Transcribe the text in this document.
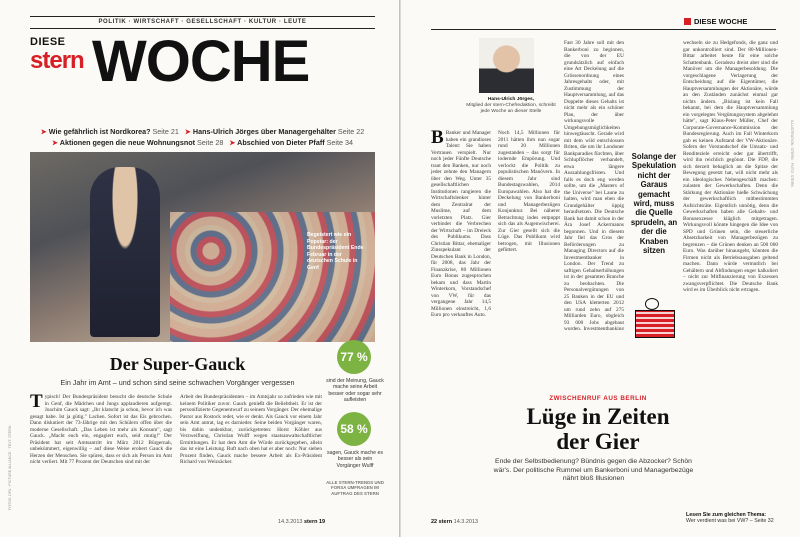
FOTOS: DPA · PICTURE ALLIANCE · TEXT: STERN
POLITIK · WIRTSCHAFT · GESELLSCHAFT · KULTUR · LEUTE
DIESE
stern WOCHE
➤ Wie gefährlich ist Nordkorea? Seite 21 ➤ Hans-Ulrich Jörges über Managergehälter Seite 22
➤ Aktionen gegen die neue Wohnungsnot Seite 28 ➤ Abschied von Dieter Pfaff Seite 34
Begeistert wie ein Popstar: der Bundespräsident Ende Februar in der deutschen Schule in Genf
77 %
sind der Meinung, Gauck mache seine Arbeit besser oder sogar sehr aufleisten
58 %
sagen, Gauck mache es besser als sein Vorgänger Wulff
ALLE STERN-TRENDS UND FORSA UMFRAGEN IM AUFTRAG DES STERN
Der Super-Gauck
Ein Jahr im Amt – und schon sind seine schwachen Vorgänger vergessen
Typisch! Der Bundespräsident besucht die deutsche Schule in Genf, die Mädchen und Jungs applaudieren aufgeregt. Joachim Gauck sagt: „Ihr klatscht ja schon, bevor ich was gesagt habe. Ist ja gütig." Lachen. Sofort ist das Eis gebrochen. Dann diskutiert der 73-Jährige mit den Schülern offen über die moderne Gesellschaft. „Das Leben ist mehr als Konsum", sagt Gauck. „Macht euch ein, engagiert euch, seid mutig!" Der Präsident hat seit Amtsantritt im März 2012 Bürgernah, unbekümmert, eigenwillig – auf diese Weise erobert Gauck die Herzen der Menschen. Sie spüren, dass er sich als Person im Amt nicht verliert. Mit 77 Prozent der Deutschen sind mit der
Arbeit des Bundespräsidenten – im Amtsjahr so zufrieden wie mit keinem Politiker zuvor. Gauck genießt die Beliebtheit. Er ist der personifizierte Gegenentwurf zu seinem Vorgänger. Der ehemalige Pastor aus Rostock redet, wie er denkt. Als Gauck vor einem Jahr sein Amt antrat, lag es darnieder. Seine beiden Vorgänger waren, bis dahin undenkbar, zurückgetreten: Horst Köhler aus Verzweiflung, Christian Wulff wegen staatsanwaltschaftlicher Ermittlungen. Er hat dem Amt die Würde zurückgegeben, allein das ist eine Leistung. Ruft nach oben hat er aber noch: Nur sieben Prozent finden, Gauck mache bessere Arbeit als Ex-Präsident Richard von Weizsäcker.
14.3.2013 stern 19
ILLUSTRATION: STERN · FOTO: STERN
DIESE WOCHE
Hans-Ulrich Jörges,
Mitglied der stern-Chefredaktion, schreibt jede Woche an dieser Stelle
B Banker und Manager haben ein grandioses Talent: Sie haben Vertrauen verspielt. Nur noch jeder Fünfte Deutsche traut den Banken, nur noch jeder zehnte den Managern über den Weg. Unter 35 gesellschaftlichen Institutionen rangieren die Wirtschaftslenker hinter dem Zentralrat der Muslime, auf dem vorletzten Platz. Gier verbindet die Verbrechen der Wirtschaft – im Dreieck des Publikums. Dass Christian Bittar, ehemaliger Zinsspekulant der Deutschen Bank in London, für 2008, das Jahr der Finanzkrise, 80 Millionen Euro Bonus zugesprochen bekam und dass Martin Winterkorn, Vorstandschef von VW, für das vergangene Jahr 14,5 Millionen einstreicht, 1,6 Euro pro verkauftes Auto.
Noch 14,5 Millionen für 2011 hätten ihm nun sogar rund 20 Millionen zugestanden – das sorgt für lodernde Empörung. Und verlockt die Politik zu populistischen Manövern. In diesem Jahr sind Bundestagswahlen, 2014 Europawahlen. Also hat die Deckelung von Bankerboni und Managerbezügen Konjunktur. Bei näherer Betrachtung indes entpuppt sich das als Augenwischerei. Zur Gier gesellt sich die Lüge. Das Publikum wird betrogen, mit Illusionen gefüttert.
Fast 30 Jahre soll mit den Bankerboni zu beginnen, die von der EU grundsätzlich auf einfach eine Art Deckelung auf die Grössenordnung eines Jahresgehalts oder, mit Zustimmung der Hauptversammlung, auf das Doppelte dieses Gehalts ist nicht mehr als ein schöner Plan, der über wirkungsvolle Umgehungsmöglichkeiten hinwegtäuscht. Gerade wird mit dem wild entschlossen Briten, die um ihr Londoner Bankparadies fürchten, über Schlupflöcher verhandelt, etwa längere Auszahlungsfristen. Und falls es doch eng werden sollte, um die „Masters of the Universe" bei Laune zu halten, wird man eben die Grundgehälter üppig heraufsetzen. Die Deutsche Bank hat damit schon in der Ära Josef Ackermanns begonnen. Und in diesem Jahr fiel das Gros der Beförderungen zu Managing Directors auf die Investmentbanker in London. Der Trend zu saftigen Gehaltserhöhungen ist in der gesamten Branche zu beobachten. Die Personalvergütungen von 25 Banken in der EU und den USA kletterten 2012 um rund zehn auf 275 Milliarden Euro, obgleich 93 000 Jobs abgebaut wurden. Investmentbanking
Solange der Spekulation nicht der Garaus gemacht wird, muss die Quelle sprudeln, an der die Knaben sitzen
wechseln sie zu Hedgefonds, die ganz und gar unkontrolliert sind. Der 80-Millionen-Bittar arbeitet heute für eine solche Schattenbank. Geradezu dreist aber sind die Manöver um die Managerbesoldung. Die vorgeschlagene Verlagerung der Entscheidung auf die Eigentümer, die Hauptversammlungen der Aktionäre, würde an den Zuständen zunächst einmal gar nichts ändern. „Bislang ist kein Fall bekannt, bei dem die Hauptversammlung ein vorgelegtes Vergütungssystem abgelehnt hätte", sagt Klaus-Peter Müller, Chef der Corporate-Governance-Kommission der Bundesregierung. Auch im Fall Winterkorn gab es keinen Aufstand der VW-Aktionäre. Sofern der Vorstandschef die Umsatz- und Renditeziele erreicht oder gar übertrifft, wird ihn reichlich gegönnt. Die FDP, die sich derzeit behaglich an die Spitze der Bewegung gesetzt hat, will nicht mehr als ein ideologisches Nebengeschäft machen: zulasten der Gewerkschaften. Denn die Stärkung der Aktionäre hieße Schwächung der gewerkschaftlich mitbestimmten Aufsichtsräte. Eigentlich unnötig, denn die Gewerkschaften haben alle Gehalts- und Bonusexzesse kläglich mitgetragen. Wirkungsvoll könnte hingegen die Idee von SPD und Grünen sein, die steuerliche Absetzbarkeit von Managerbezügen zu begrenzen – die Grünen denken an 500 000 Euro. Was darüber hinausgeht, könnten die Firmen nicht als Betriebsausgaben geltend machen. Dann würde vermutlich bei Gehältern und Abfindungen enger kalkuliert – nicht zur Mitfinanzierung von Exzessen zwangsverpflichtet. Die Deutsche Bank wird es im Überblick nicht ertragen.
ZWISCHENRUF AUS BERLIN
Lüge in Zeiten der Gier
Ende der Selbstbedienung? Bündnis gegen die Abzocker? Schön wär's. Der politische Rummel um Bankerboni und Managerbezüge nährt bloß Illusionen
Lesen Sie zum gleichen Thema:
Wer verdient was bei VW? – Seite 32
22 stern 14.3.2013
